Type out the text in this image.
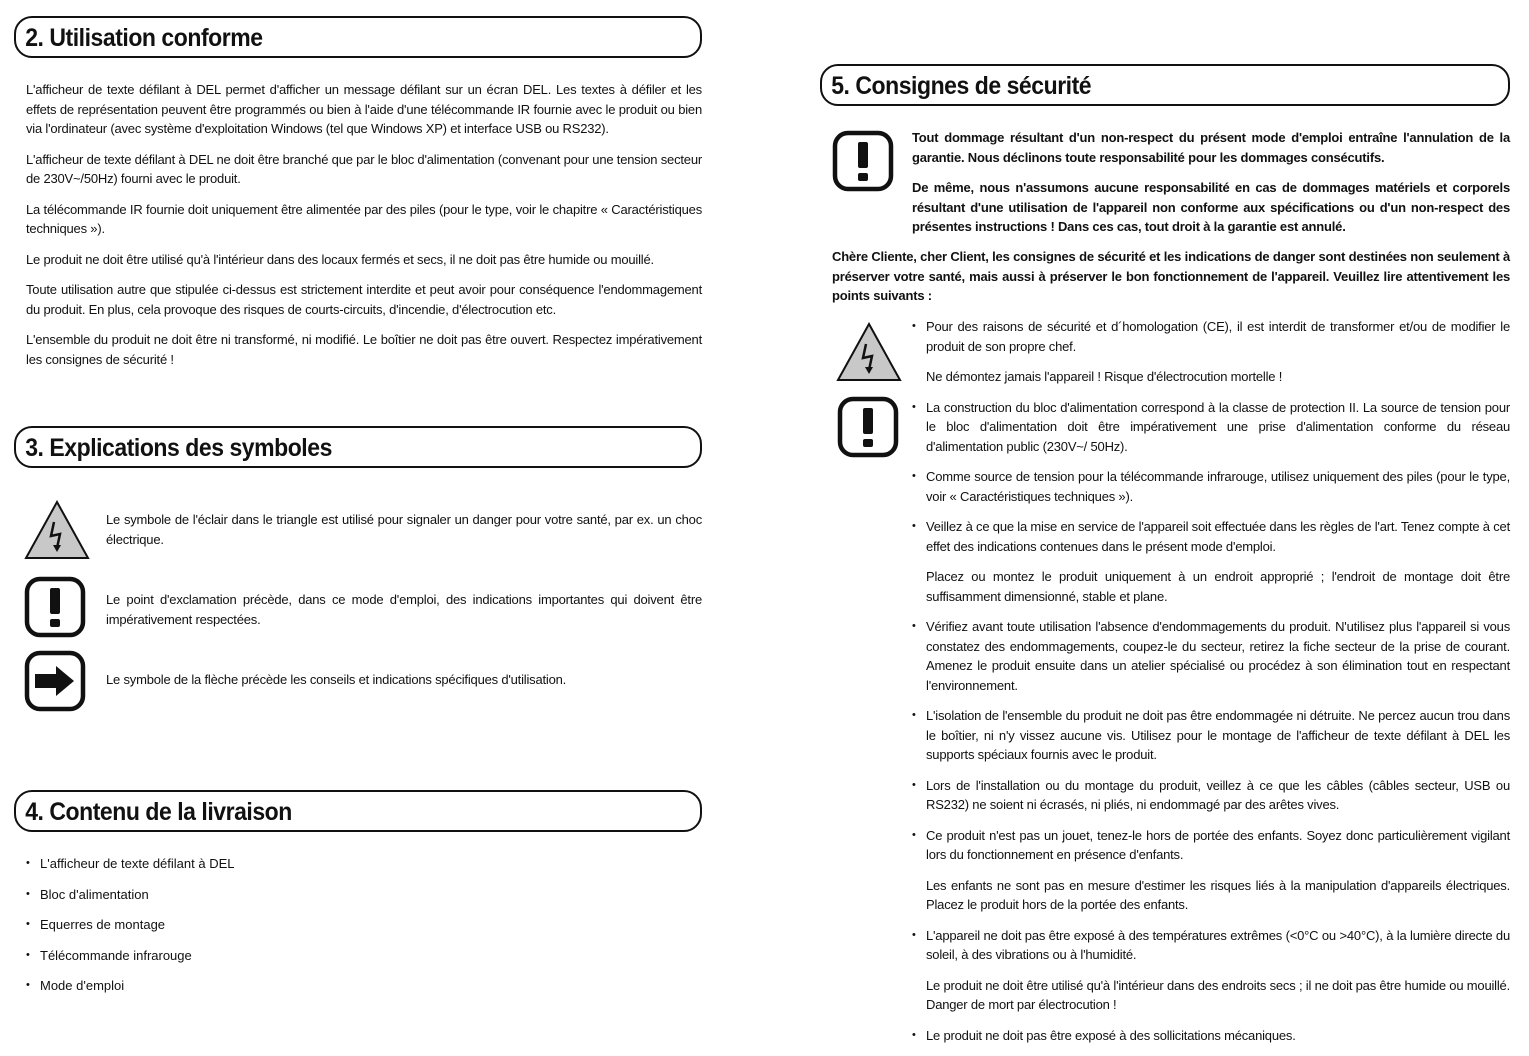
2. Utilisation conforme

L'afficheur de texte défilant à DEL permet d'afficher un message défilant sur un écran DEL. Les textes à défiler et les effets de représentation peuvent être programmés ou bien à l'aide d'une télécommande IR fournie avec le produit ou bien via l'ordinateur (avec système d'exploitation Windows (tel que Windows XP) et interface USB ou RS232).

L'afficheur de texte défilant à DEL ne doit être branché que par le bloc d'alimentation (convenant pour une tension secteur de 230V~/50Hz) fourni avec le produit.

La télécommande IR fournie doit uniquement être alimentée par des piles (pour le type, voir le chapitre « Caractéristiques techniques »).

Le produit ne doit être utilisé qu'à l'intérieur dans des locaux fermés et secs, il ne doit pas être humide ou mouillé.

Toute utilisation autre que stipulée ci-dessus est strictement interdite et peut avoir pour conséquence l'endommagement du produit. En plus, cela provoque des risques de courts-circuits, d'incendie, d'électrocution etc.

L'ensemble du produit ne doit être ni transformé, ni modifié. Le boîtier ne doit pas être ouvert. Respectez impérativement les consignes de sécurité !

3. Explications des symboles
Le symbole de l'éclair dans le triangle est utilisé pour signaler un danger pour votre santé, par ex. un choc électrique.
Le point d'exclamation précède, dans ce mode d'emploi, des indications importantes qui doivent être impérativement respectées.
Le symbole de la flèche précède les conseils et indications spécifiques d'utilisation.
4. Contenu de la livraison
• L'afficheur de texte défilant à DEL
• Bloc d'alimentation
• Equerres de montage
• Télécommande infrarouge
• Mode d'emploi
5. Consignes de sécurité

Tout dommage résultant d'un non-respect du présent mode d'emploi entraîne l'annulation de la garantie. Nous déclinons toute responsabilité pour les dommages consécutifs.

De même, nous n'assumons aucune responsabilité en cas de dommages matériels et corporels résultant d'une utilisation de l'appareil non conforme aux spécifications ou d'un non-respect des présentes instructions ! Dans ces cas, tout droit à la garantie est annulé.

Chère Cliente, cher Client, les consignes de sécurité et les indications de danger sont destinées non seulement à préserver votre santé, mais aussi à préserver le bon fonctionnement de l'appareil. Veuillez lire attentivement les points suivants :

• Pour des raisons de sécurité et d´homologation (CE), il est interdit de transformer et/ou de modifier le produit de son propre chef.

Ne démontez jamais l'appareil ! Risque d'électrocution mortelle !

• La construction du bloc d'alimentation correspond à la classe de protection II. La source de tension pour le bloc d'alimentation doit être impérativement une prise d'alimentation conforme du réseau d'alimentation public (230V~/ 50Hz).

• Comme source de tension pour la télécommande infrarouge, utilisez uniquement des piles (pour le type, voir « Caractéristiques techniques »).

• Veillez à ce que la mise en service de l'appareil soit effectuée dans les règles de l'art. Tenez compte à cet effet des indications contenues dans le présent mode d'emploi.

Placez ou montez le produit uniquement à un endroit approprié ; l'endroit de montage doit être suffisamment dimensionné, stable et plane.

• Vérifiez avant toute utilisation l'absence d'endommagements du produit. N'utilisez plus l'appareil si vous constatez des endommagements, coupez-le du secteur, retirez la fiche secteur de la prise de courant. Amenez le produit ensuite dans un atelier spécialisé ou procédez à son élimination tout en respectant l'environnement.

• L'isolation de l'ensemble du produit ne doit pas être endommagée ni détruite. Ne percez aucun trou dans le boîtier, ni n'y vissez aucune vis. Utilisez pour le montage de l'afficheur de texte défilant à DEL les supports spéciaux fournis avec le produit.

• Lors de l'installation ou du montage du produit, veillez à ce que les câbles (câbles secteur, USB ou RS232) ne soient ni écrasés, ni pliés, ni endommagé par des arêtes vives.

• Ce produit n'est pas un jouet, tenez-le hors de portée des enfants. Soyez donc particulièrement vigilant lors du fonctionnement en présence d'enfants.

Les enfants ne sont pas en mesure d'estimer les risques liés à la manipulation d'appareils électriques. Placez le produit hors de la portée des enfants.

• L'appareil ne doit pas être exposé à des températures extrêmes (<0°C ou >40°C), à la lumière directe du soleil, à des vibrations ou à l'humidité.

Le produit ne doit être utilisé qu'à l'intérieur dans des endroits secs ; il ne doit pas être humide ou mouillé. Danger de mort par électrocution !

• Le produit ne doit pas être exposé à des sollicitations mécaniques.
